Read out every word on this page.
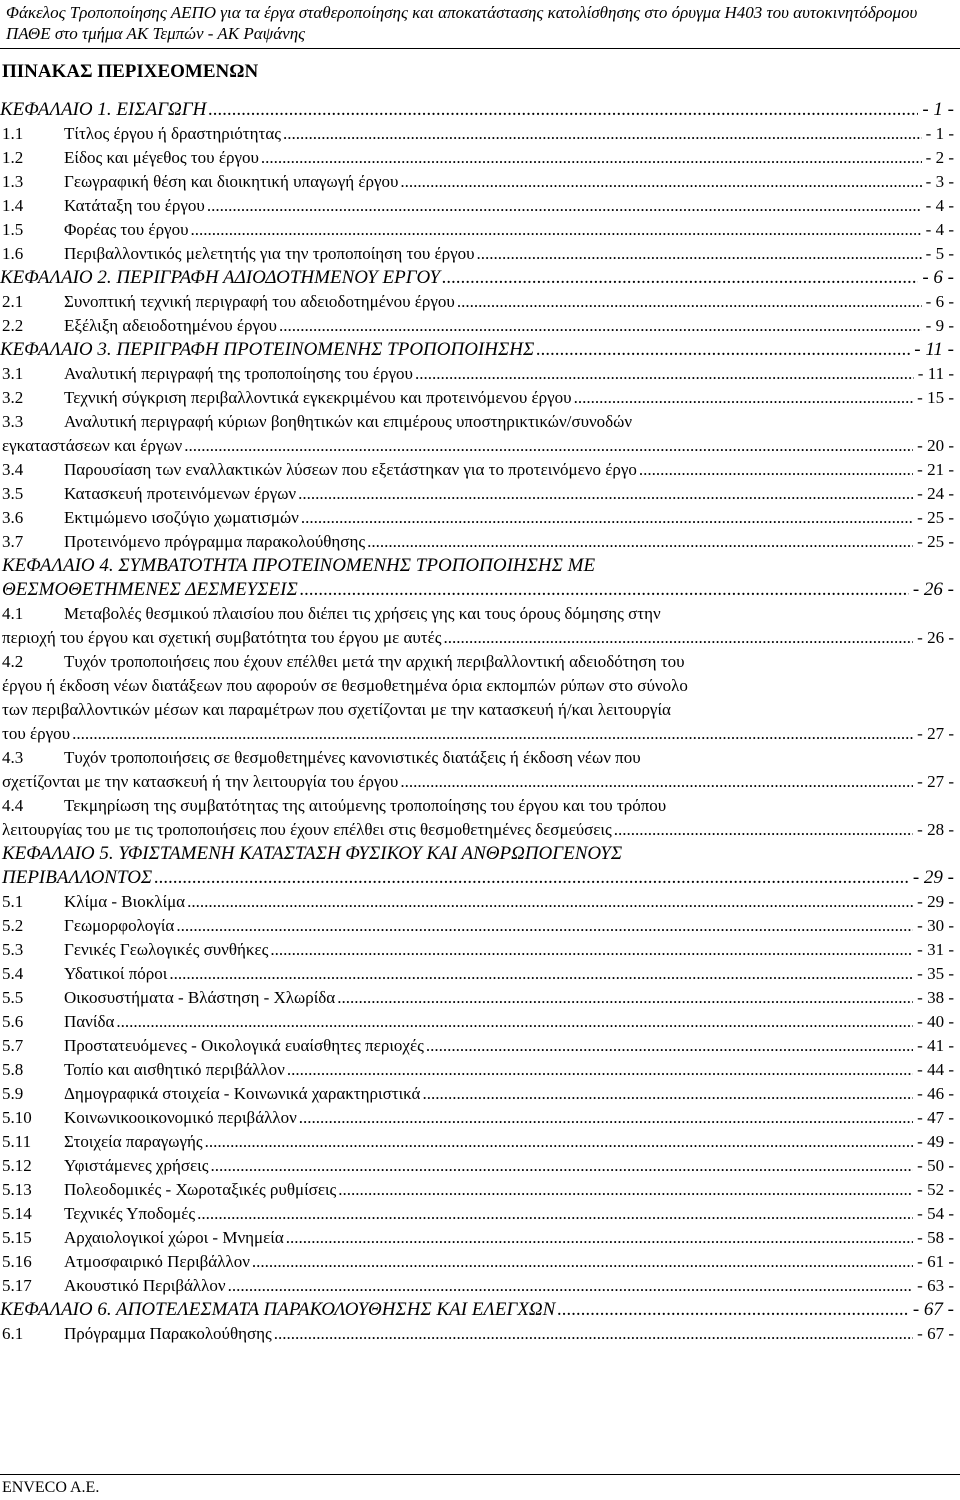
Φάκελος Τροποποίησης ΑΕΠΟ για τα έργα σταθεροποίησης και αποκατάστασης κατολίσθησης στο όρυγμα Η403 του αυτοκινητόδρομου ΠΑΘΕ στο τμήμα ΑΚ Τεμπών - ΑΚ Ραψάνης
ΠΙΝΑΚΑΣ ΠΕΡΙΧΕΟΜΕΝΩΝ
ΚΕΦΑΛΑΙΟ 1. ΕΙΣΑΓΩΓΗ .....	- 1 -
1.1	Τίτλος έργου ή δραστηριότητας .....	- 1 -
1.2	Είδος και μέγεθος του έργου .....	- 2 -
1.3	Γεωγραφική θέση και διοικητική υπαγωγή έργου .....	- 3 -
1.4	Κατάταξη του έργου .....	- 4 -
1.5	Φορέας του έργου .....	- 4 -
1.6	Περιβαλλοντικός μελετητής για την τροποποίηση του έργου .....	- 5 -
ΚΕΦΑΛΑΙΟ 2. ΠΕΡΙΓΡΑΦΗ ΑΔΙΟΔΟΤΗΜΕΝΟΥ ΕΡΓΟΥ .....	- 6 -
2.1	Συνοπτική τεχνική περιγραφή του αδειοδοτημένου έργου .....	- 6 -
2.2	Εξέλιξη αδειοδοτημένου έργου .....	- 9 -
ΚΕΦΑΛΑΙΟ 3. ΠΕΡΙΓΡΑΦΗ ΠΡΟΤΕΙΝΟΜΕΝΗΣ ΤΡΟΠΟΠΟΙΗΣΗΣ .....	- 11 -
3.1	Αναλυτική περιγραφή της τροποποίησης του έργου .....	- 11 -
3.2	Τεχνική σύγκριση περιβαλλοντικά εγκεκριμένου και προτεινόμενου έργου .....	- 15 -
3.3	Αναλυτική περιγραφή κύριων βοηθητικών και επιμέρους υποστηρικτικών/συνοδών
εγκαταστάσεων και έργων .....	- 20 -
3.4	Παρουσίαση των εναλλακτικών λύσεων που εξετάστηκαν για το προτεινόμενο έργο .....	- 21 -
3.5	Κατασκευή προτεινόμενων έργων .....	- 24 -
3.6	Εκτιμώμενο ισοζύγιο χωματισμών .....	- 25 -
3.7	Προτεινόμενο πρόγραμμα παρακολούθησης .....	- 25 -
ΚΕΦΑΛΑΙΟ 4. ΣΥΜΒΑΤΟΤΗΤΑ ΠΡΟΤΕΙΝΟΜΕΝΗΣ ΤΡΟΠΟΠΟΙΗΣΗΣ ΜΕ
ΘΕΣΜΟΘΕΤΗΜΕΝΕΣ ΔΕΣΜΕΥΣΕΙΣ .....	- 26 -
4.1	Μεταβολές θεσμικού πλαισίου που διέπει τις χρήσεις γης και τους όρους δόμησης στην
περιοχή του έργου και σχετική συμβατότητα του έργου με αυτές .....	- 26 -
4.2	Τυχόν τροποποιήσεις που έχουν επέλθει μετά την αρχική περιβαλλοντική αδειοδότηση του
έργου ή έκδοση νέων διατάξεων που αφορούν σε θεσμοθετημένα όρια εκπομπών ρύπων στο σύνολο
των περιβαλλοντικών μέσων και παραμέτρων που σχετίζονται με την κατασκευή ή/και λειτουργία
του έργου .....	- 27 -
4.3	Τυχόν τροποποιήσεις σε θεσμοθετημένες κανονιστικές διατάξεις ή έκδοση νέων που
σχετίζονται με την κατασκευή ή την λειτουργία του έργου .....	- 27 -
4.4	Τεκμηρίωση της συμβατότητας της αιτούμενης τροποποίησης του έργου και του τρόπου
λειτουργίας του με τις τροποποιήσεις που έχουν επέλθει στις θεσμοθετημένες δεσμεύσεις .....	- 28 -
ΚΕΦΑΛΑΙΟ 5. ΥΦΙΣΤΑΜΕΝΗ ΚΑΤΑΣΤΑΣΗ ΦΥΣΙΚΟΥ ΚΑΙ ΑΝΘΡΩΠΟΓΕΝΟΥΣ
ΠΕΡΙΒΑΛΛΟΝΤΟΣ .....	- 29 -
5.1	Κλίμα - Βιοκλίμα .....	- 29 -
5.2	Γεωμορφολογία .....	- 30 -
5.3	Γενικές Γεωλογικές συνθήκες .....	- 31 -
5.4	Υδατικοί πόροι .....	- 35 -
5.5	Οικοσυστήματα - Βλάστηση - Χλωρίδα .....	- 38 -
5.6	Πανίδα .....	- 40 -
5.7	Προστατευόμενες - Οικολογικά ευαίσθητες περιοχές .....	- 41 -
5.8	Τοπίο και αισθητικό περιβάλλον .....	- 44 -
5.9	Δημογραφικά στοιχεία - Κοινωνικά χαρακτηριστικά .....	- 46 -
5.10	Κοινωνικοοικονομικό περιβάλλον .....	- 47 -
5.11	Στοιχεία παραγωγής .....	- 49 -
5.12	Υφιστάμενες χρήσεις .....	- 50 -
5.13	Πολεοδομικές - Χωροταξικές ρυθμίσεις .....	- 52 -
5.14	Τεχνικές Υποδομές .....	- 54 -
5.15	Αρχαιολογικοί χώροι - Μνημεία .....	- 58 -
5.16	Ατμοσφαιρικό Περιβάλλον .....	- 61 -
5.17	Ακουστικό Περιβάλλον .....	- 63 -
ΚΕΦΑΛΑΙΟ 6. ΑΠΟΤΕΛΕΣΜΑΤΑ ΠΑΡΑΚΟΛΟΥΘΗΣΗΣ ΚΑΙ ΕΛΕΓΧΩΝ .....	- 67 -
6.1	Πρόγραμμα Παρακολούθησης .....	- 67 -
ENVECO A.E.
